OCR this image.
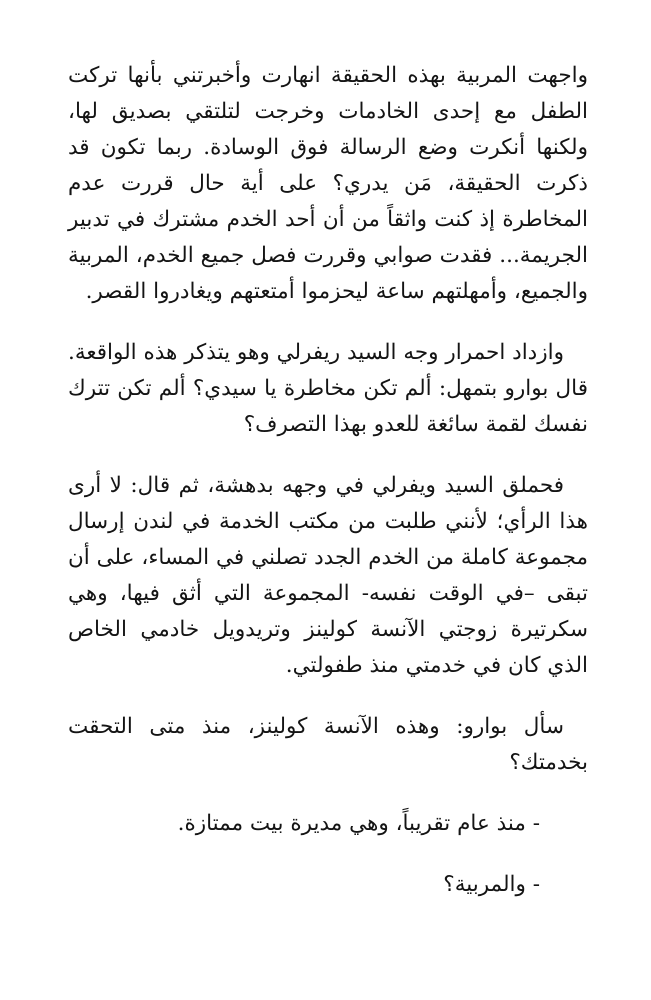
واجهت المربية بهذه الحقيقة انهارت وأخبرتني بأنها تركت الطفل مع إحدى الخادمات وخرجت لتلتقي بصديق لها، ولكنها أنكرت وضع الرسالة فوق الوسادة. ربما تكون قد ذكرت الحقيقة، مَن يدري؟ على أية حال قررت عدم المخاطرة إذ كنت واثقاً من أن أحد الخدم مشترك في تدبير الجريمة... فقدت صوابي وقررت فصل جميع الخدم، المربية والجميع، وأمهلتهم ساعة ليحزموا أمتعتهم ويغادروا القصر.

وازداد احمرار وجه السيد ريفرلي وهو يتذكر هذه الواقعة. قال بوارو بتمهل: ألم تكن مخاطرة يا سيدي؟ ألم تكن تترك نفسك لقمة سائغة للعدو بهذا التصرف؟

فحملق السيد ويفرلي في وجهه بدهشة، ثم قال: لا أرى هذا الرأي؛ لأنني طلبت من مكتب الخدمة في لندن إرسال مجموعة كاملة من الخدم الجدد تصلني في المساء، على أن تبقى –في الوقت نفسه- المجموعة التي أثق فيها، وهي سكرتيرة زوجتي الآنسة كولينز وتريدويل خادمي الخاص الذي كان في خدمتي منذ طفولتي.

سأل بوارو: وهذه الآنسة كولينز، منذ متى التحقت بخدمتك؟

- منذ عام تقريباً، وهي مديرة بيت ممتازة.

- والمربية؟
